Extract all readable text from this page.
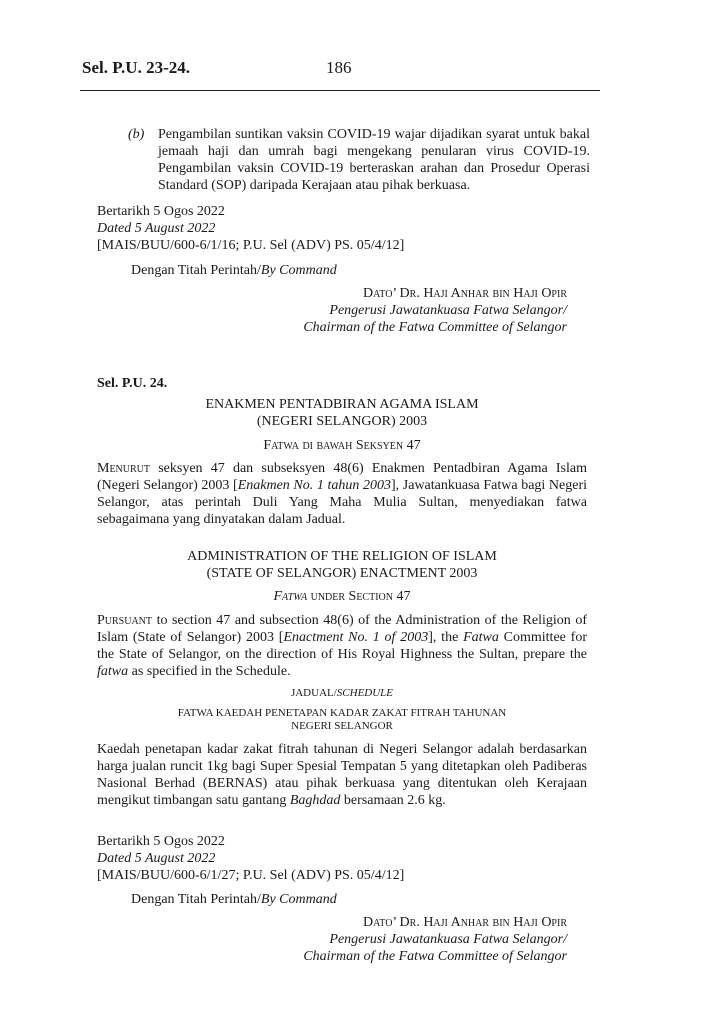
Sel. P.U. 23-24.	186
(b) Pengambilan suntikan vaksin COVID-19 wajar dijadikan syarat untuk bakal jemaah haji dan umrah bagi mengekang penularan virus COVID-19. Pengambilan vaksin COVID-19 berteraskan arahan dan Prosedur Operasi Standard (SOP) daripada Kerajaan atau pihak berkuasa.
Bertarikh 5 Ogos 2022
Dated 5 August 2022
[MAIS/BUU/600-6/1/16; P.U. Sel (ADV) PS. 05/4/12]
Dengan Titah Perintah/By Command
Dato’ Dr. Haji Anhar bin Haji Opir
Pengerusi Jawatankuasa Fatwa Selangor/
Chairman of the Fatwa Committee of Selangor
Sel. P.U. 24.
ENAKMEN PENTADBIRAN AGAMA ISLAM
(NEGERI SELANGOR) 2003
Fatwa di bawah Seksyen 47
Menurut seksyen 47 dan subseksyen 48(6) Enakmen Pentadbiran Agama Islam (Negeri Selangor) 2003 [Enakmen No. 1 tahun 2003], Jawatankuasa Fatwa bagi Negeri Selangor, atas perintah Duli Yang Maha Mulia Sultan, menyediakan fatwa sebagaimana yang dinyatakan dalam Jadual.
ADMINISTRATION OF THE RELIGION OF ISLAM
(STATE OF SELANGOR) ENACTMENT 2003
Fatwa under Section 47
Pursuant to section 47 and subsection 48(6) of the Administration of the Religion of Islam (State of Selangor) 2003 [Enactment No. 1 of 2003], the Fatwa Committee for the State of Selangor, on the direction of His Royal Highness the Sultan, prepare the fatwa as specified in the Schedule.
JADUAL/SCHEDULE
FATWA KAEDAH PENETAPAN KADAR ZAKAT FITRAH TAHUNAN
NEGERI SELANGOR
Kaedah penetapan kadar zakat fitrah tahunan di Negeri Selangor adalah berdasarkan harga jualan runcit 1kg bagi Super Spesial Tempatan 5 yang ditetapkan oleh Padiberas Nasional Berhad (BERNAS) atau pihak berkuasa yang ditentukan oleh Kerajaan mengikut timbangan satu gantang Baghdad bersamaan 2.6 kg.
Bertarikh 5 Ogos 2022
Dated 5 August 2022
[MAIS/BUU/600-6/1/27; P.U. Sel (ADV) PS. 05/4/12]
Dengan Titah Perintah/By Command
Dato’ Dr. Haji Anhar bin Haji Opir
Pengerusi Jawatankuasa Fatwa Selangor/
Chairman of the Fatwa Committee of Selangor
